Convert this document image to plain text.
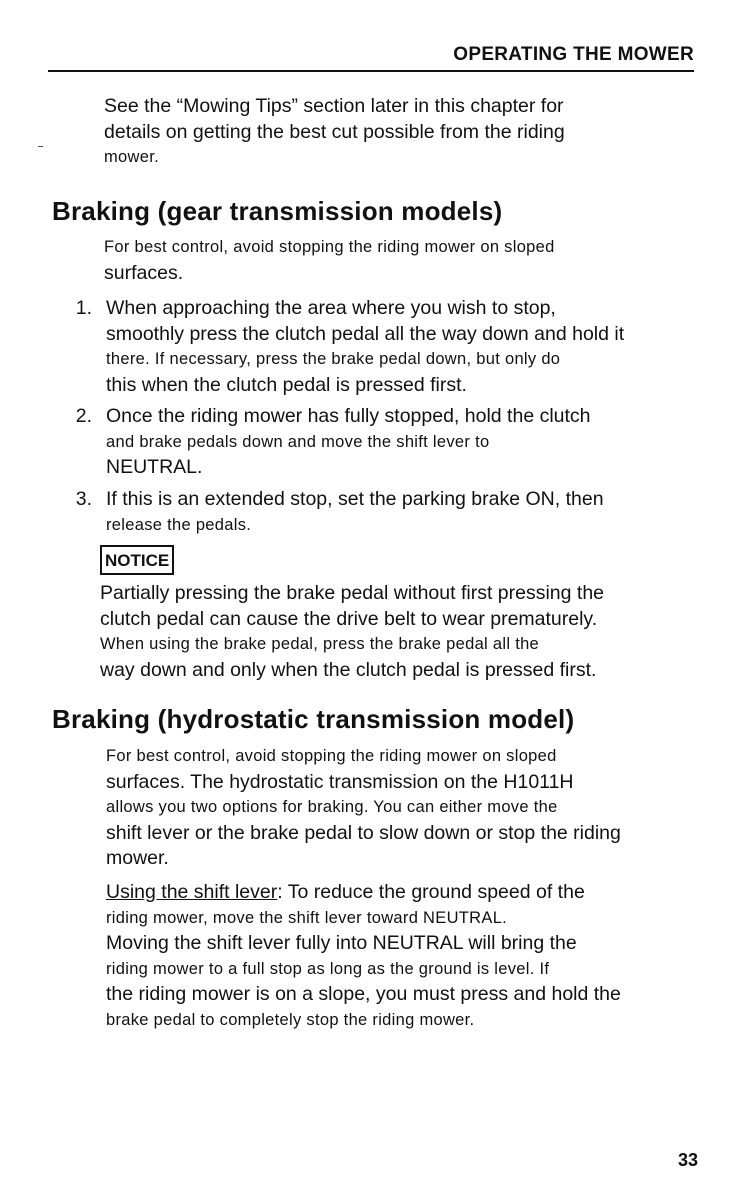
OPERATING THE MOWER
See the “Mowing Tips” section later in this chapter for
details on getting the best cut possible from the riding
mower.
Braking (gear transmission models)
For best control, avoid stopping the riding mower on sloped
surfaces.
1. When approaching the area where you wish to stop,
smoothly press the clutch pedal all the way down and hold it
there. If necessary, press the brake pedal down, but only do
this when the clutch pedal is pressed first.
2. Once the riding mower has fully stopped, hold the clutch
and brake pedals down and move the shift lever to
NEUTRAL.
3. If this is an extended stop, set the parking brake ON, then
release the pedals.
NOTICE
Partially pressing the brake pedal without first pressing the
clutch pedal can cause the drive belt to wear prematurely.
When using the brake pedal, press the brake pedal all the
way down and only when the clutch pedal is pressed first.
Braking (hydrostatic transmission model)
For best control, avoid stopping the riding mower on sloped
surfaces. The hydrostatic transmission on the H1011H
allows you two options for braking. You can either move the
shift lever or the brake pedal to slow down or stop the riding
mower.
Using the shift lever: To reduce the ground speed of the
riding mower, move the shift lever toward NEUTRAL.
Moving the shift lever fully into NEUTRAL will bring the
riding mower to a full stop as long as the ground is level. If
the riding mower is on a slope, you must press and hold the
brake pedal to completely stop the riding mower.
33
